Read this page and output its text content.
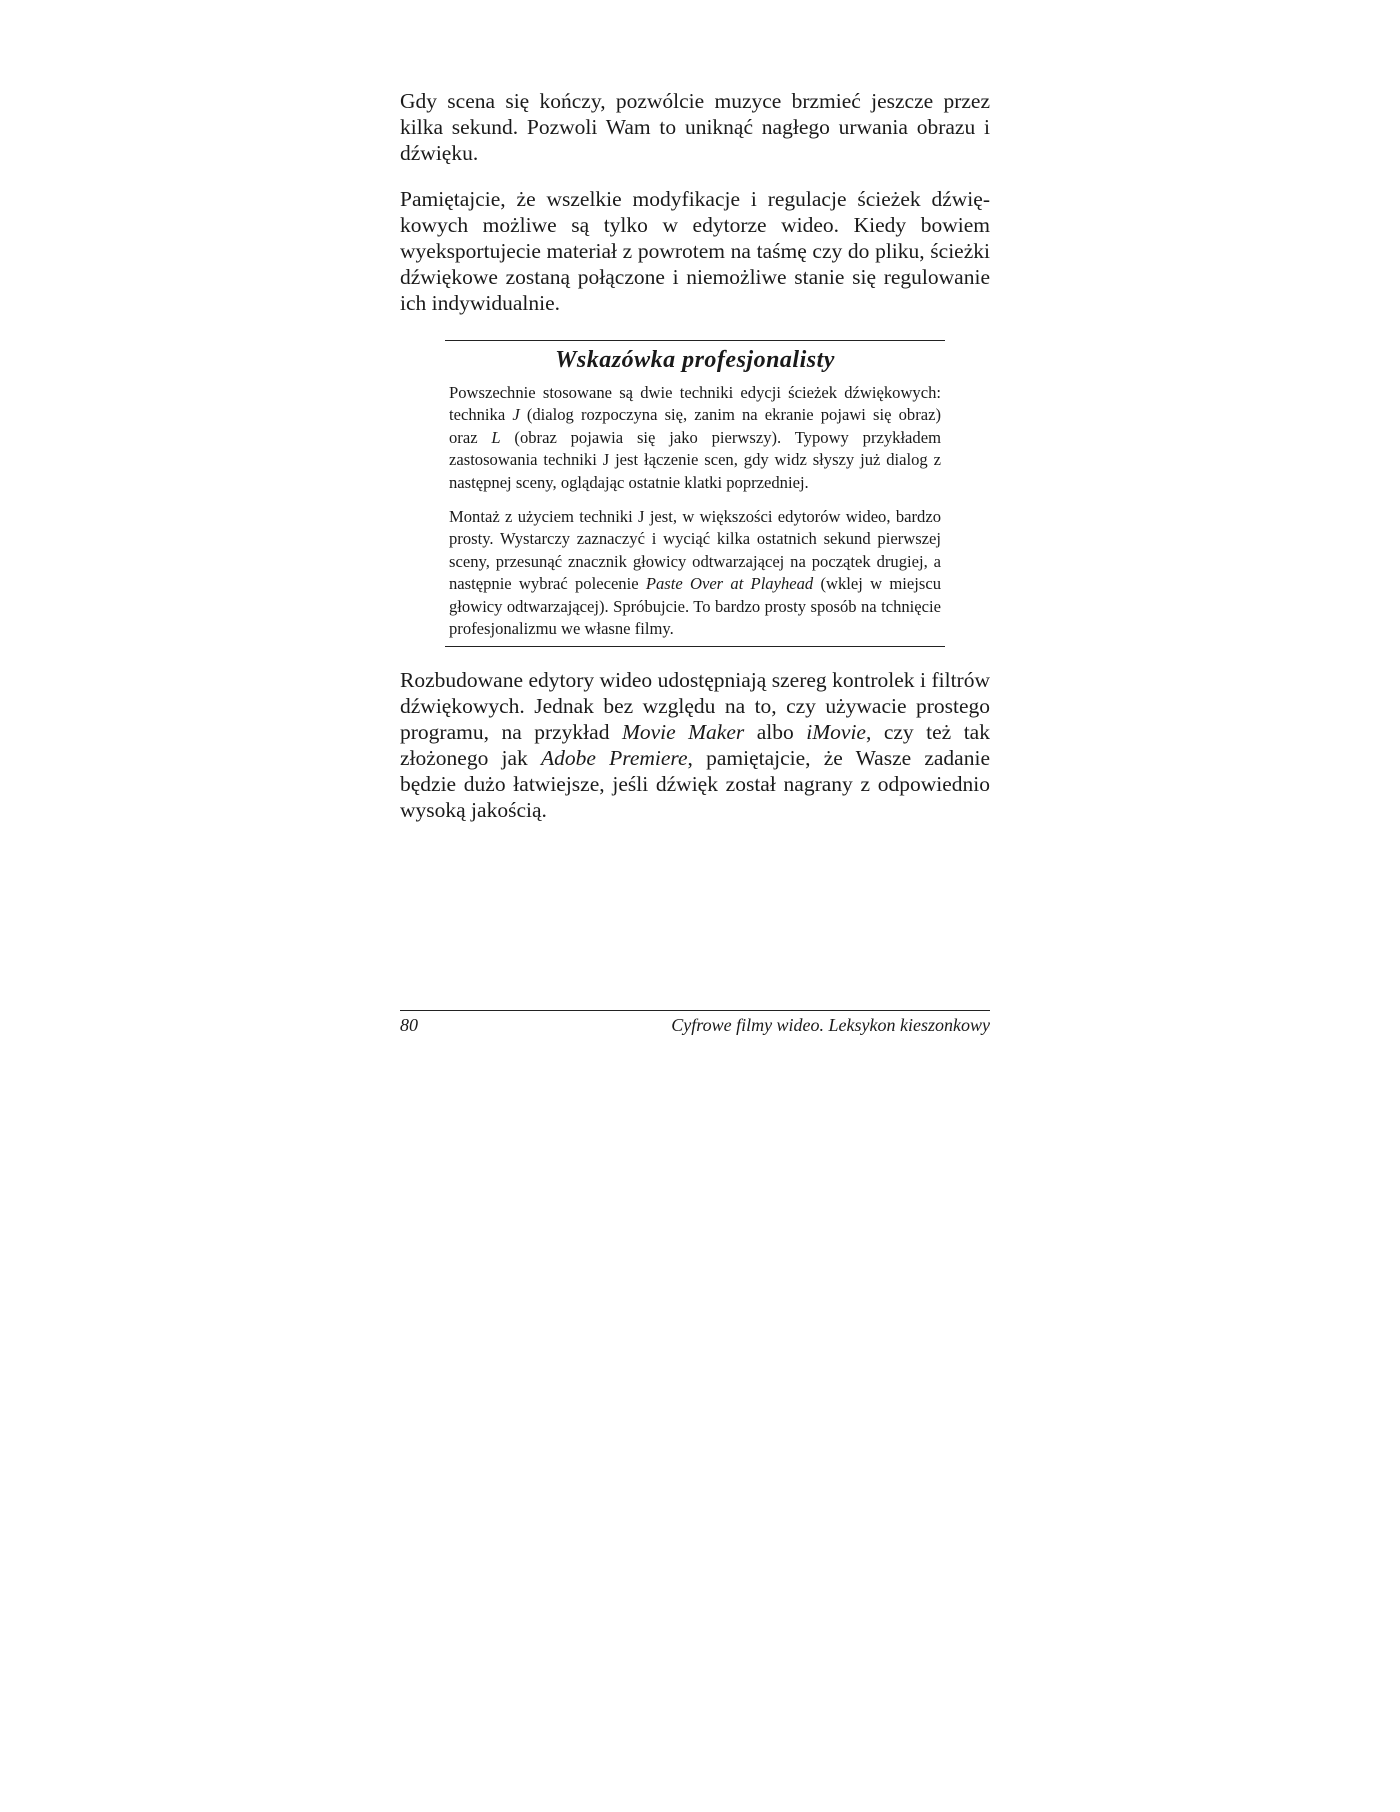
Gdy scena się kończy, pozwólcie muzyce brzmieć jeszcze przez kilka sekund. Pozwoli Wam to uniknąć nagłego urwania obrazu i dźwięku.

Pamiętajcie, że wszelkie modyfikacje i regulacje ścieżek dźwiękowych możliwe są tylko w edytorze wideo. Kiedy bowiem wyeksportujecie materiał z powrotem na taśmę czy do pliku, ścieżki dźwiękowe zostaną połączone i niemożliwe stanie się regulowanie ich indywidualnie.

Wskazówka profesjonalisty

Powszechnie stosowane są dwie techniki edycji ścieżek dźwiękowych: technika J (dialog rozpoczyna się, zanim na ekranie pojawi się obraz) oraz L (obraz pojawia się jako pierwszy). Typowy przykładem zastosowania techniki J jest łączenie scen, gdy widz słyszy już dialog z następnej sceny, oglądając ostatnie klatki poprzedniej.

Montaż z użyciem techniki J jest, w większości edytorów wideo, bardzo prosty. Wystarczy zaznaczyć i wyciąć kilka ostatnich sekund pierwszej sceny, przesunąć znacznik głowicy odtwarzającej na początek drugiej, a następnie wybrać polecenie Paste Over at Playhead (wklej w miejscu głowicy odtwarzającej). Spróbujcie. To bardzo prosty sposób na tchnięcie profesjonalizmu we własne filmy.

Rozbudowane edytory wideo udostępniają szereg kontrolek i filtrów dźwiękowych. Jednak bez względu na to, czy używacie prostego programu, na przykład Movie Maker albo iMovie, czy też tak złożonego jak Adobe Premiere, pamiętajcie, że Wasze zadanie będzie dużo łatwiejsze, jeśli dźwięk został nagrany z odpowiednio wysoką jakością.

80	Cyfrowe filmy wideo. Leksykon kieszonkowy
